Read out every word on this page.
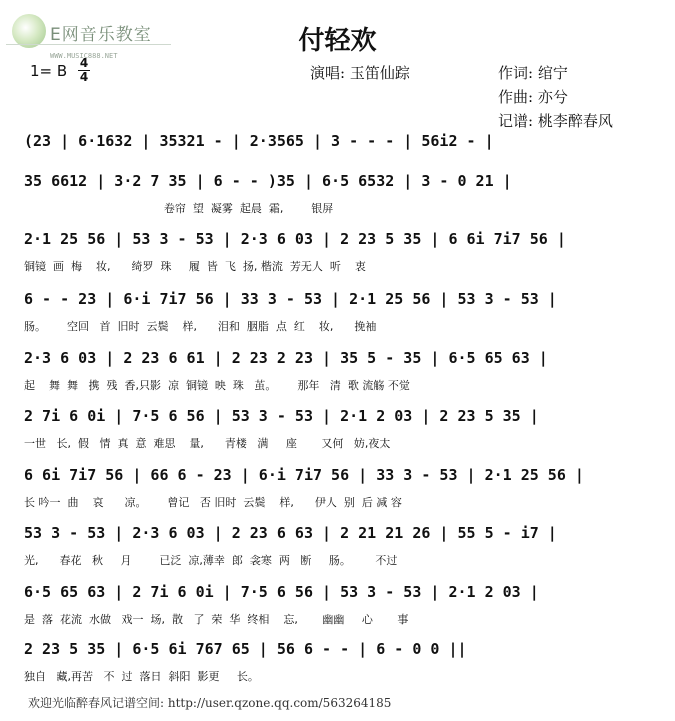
E网音乐教室
WWW.MUSIC888.NET	付轻欢
1= B	4
4	演唱: 玉笛仙踪	作词: 绾宁
作曲: 亦兮
记谱: 桃李醉春风
(23 | 6·1632 | 35321 - | 2·3565 | 3 - - - | 56i2 - |
35 6612 | 3·2 7 35 | 6 - - )35 | 6·5 6532 | 3 - 0 21 |
卷帘  望  凝雾  起晨  霜,        银屏
2·1 25 56 | 53 3 - 53 | 2·3 6 03 | 2 23 5 35 | 6 6i 7i7 56 |
铜镜  画  梅    妆,      绮罗  珠     履  皆  飞  扬, 楷流  芳无人  听    衷
6 - - 23 | 6·i 7i7 56 | 33 3 - 53 | 2·1 25 56 | 53 3 - 53 |
肠。      空回   首  旧时  云鬓    样,      泪和  胭脂  点  红    妆,      挽袖
2·3 6 03 | 2 23 6 61 | 2 23 2 23 | 35 5 - 35 | 6·5 65 63 |
起    舞  舞   携  残  香,只影  凉  铜镜  映  珠   茧。      那年   清  歌 流觞 不觉
2 7i 6 0i | 7·5 6 56 | 53 3 - 53 | 2·1 2 03 | 2 23 5 35 |
一世   长,  假   情  真  意  难思    量,      青楼   满     座       又何   妨,夜太
6 6i 7i7 56 | 66 6 - 23 | 6·i 7i7 56 | 33 3 - 53 | 2·1 25 56 |
长 吟一  曲    哀      凉。      曾记   否 旧时  云鬓    样,      伊人  别  后 减 容
53 3 - 53 | 2·3 6 03 | 2 23 6 63 | 2 21 21 26 | 55 5 - i7 |
光,      春花   秋     月        已泛  凉,薄幸  郎  衾寒  两   断     肠。       不过
6·5 65 63 | 2 7i 6 0i | 7·5 6 56 | 53 3 - 53 | 2·1 2 03 |
是  落  花流  水做   戏一  场,  散   了  荣  华  终相    忘,       幽幽     心       事
2 23 5 35 | 6·5 6i 767 65 | 56 6 - - | 6 - 0 0 ||
独自   藏,再苦   不  过  落日  斜阳  影更     长。
欢迎光临醉春风记谱空间: http://user.qzone.qq.com/563264185
